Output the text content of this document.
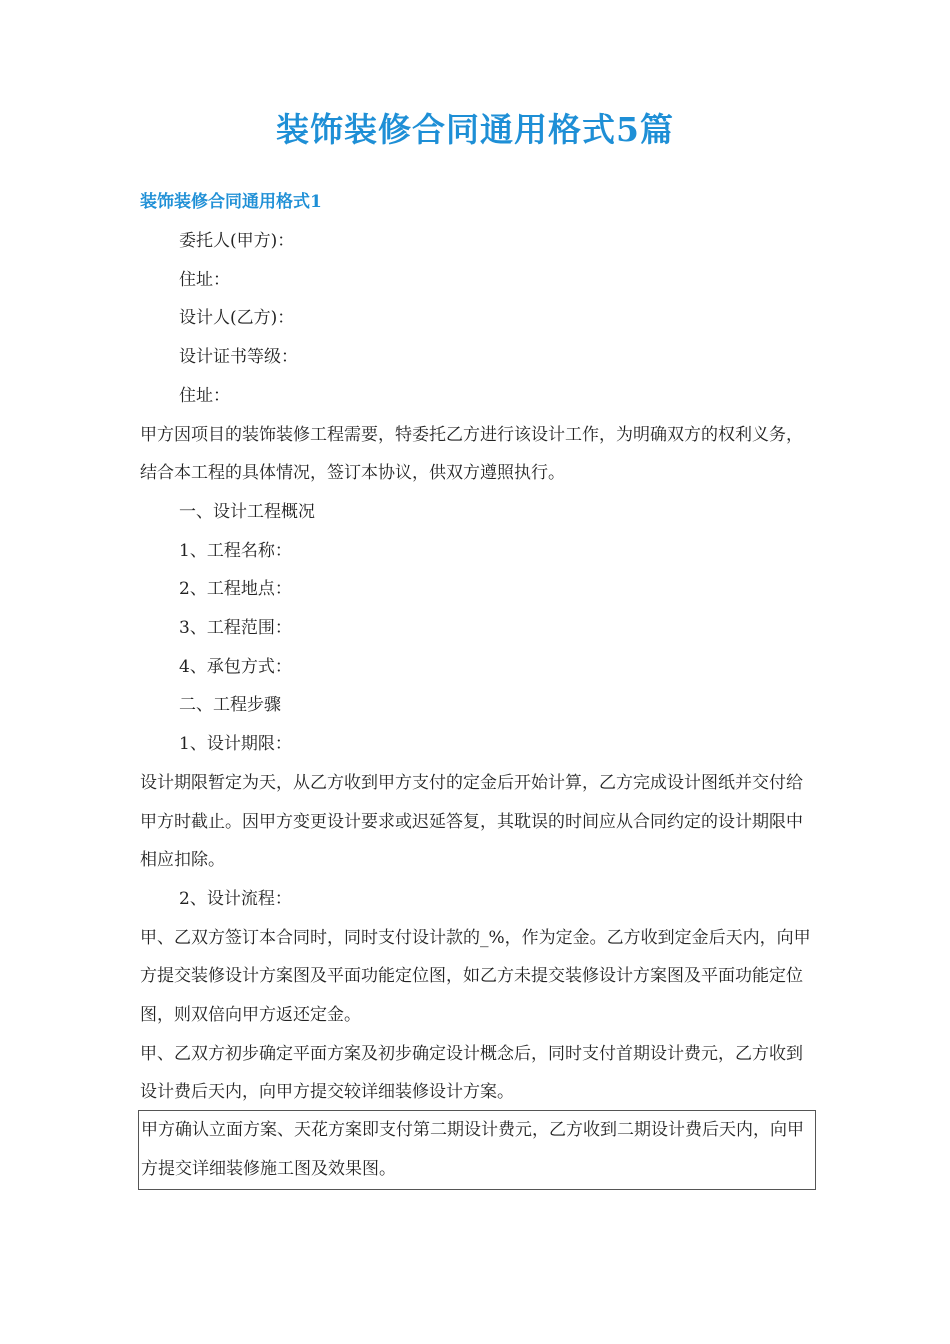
装饰装修合同通用格式5篇
装饰装修合同通用格式1

委托人(甲方)：

住址：

设计人(乙方)：

设计证书等级：

住址：

甲方因项目的装饰装修工程需要，特委托乙方进行该设计工作，为明确双方的权利义务，结合本工程的具体情况，签订本协议，供双方遵照执行。

一、设计工程概况

1、工程名称：

2、工程地点：

3、工程范围：

4、承包方式：

二、工程步骤

1、设计期限：

设计期限暂定为天，从乙方收到甲方支付的定金后开始计算，乙方完成设计图纸并交付给甲方时截止。因甲方变更设计要求或迟延答复，其耽误的时间应从合同约定的设计期限中相应扣除。

2、设计流程：

甲、乙双方签订本合同时，同时支付设计款的_%，作为定金。乙方收到定金后天内，向甲方提交装修设计方案图及平面功能定位图，如乙方未提交装修设计方案图及平面功能定位图，则双倍向甲方返还定金。

甲、乙双方初步确定平面方案及初步确定设计概念后，同时支付首期设计费元，乙方收到设计费后天内，向甲方提交较详细装修设计方案。

甲方确认立面方案、天花方案即支付第二期设计费元，乙方收到二期设计费后天内，向甲方提交详细装修施工图及效果图。
